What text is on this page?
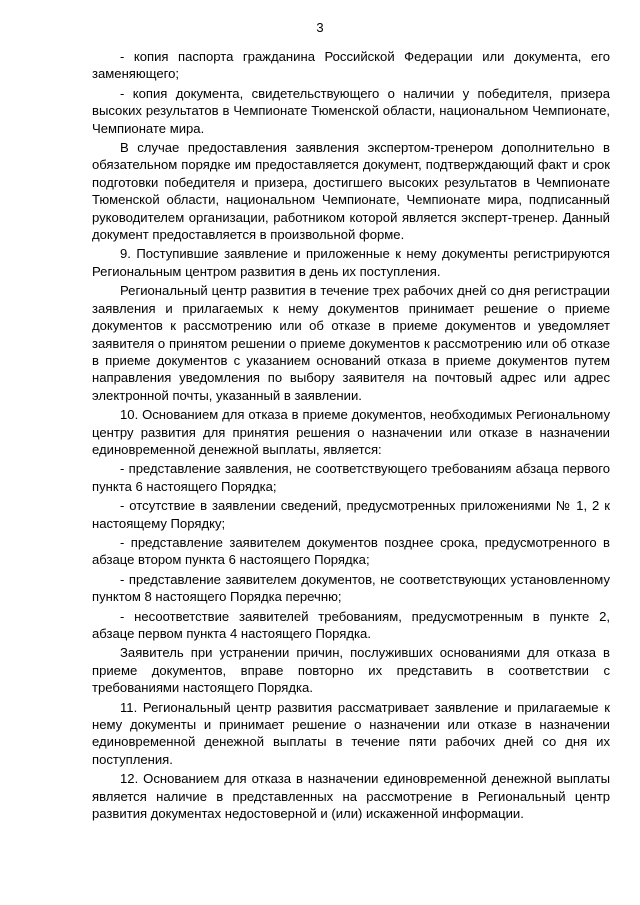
3

- копия паспорта гражданина Российской Федерации или документа, его заменяющего;

- копия документа, свидетельствующего о наличии у победителя, призера высоких результатов в Чемпионате Тюменской области, национальном Чемпионате, Чемпионате мира.

В случае предоставления заявления экспертом-тренером дополнительно в обязательном порядке им предоставляется документ, подтверждающий факт и срок подготовки победителя и призера, достигшего высоких результатов в Чемпионате Тюменской области, национальном Чемпионате, Чемпионате мира, подписанный руководителем организации, работником которой является эксперт-тренер. Данный документ предоставляется в произвольной форме.

9. Поступившие заявление и приложенные к нему документы регистрируются Региональным центром развития в день их поступления.

Региональный центр развития в течение трех рабочих дней со дня регистрации заявления и прилагаемых к нему документов принимает решение о приеме документов к рассмотрению или об отказе в приеме документов и уведомляет заявителя о принятом решении о приеме документов к рассмотрению или об отказе в приеме документов с указанием оснований отказа в приеме документов путем направления уведомления по выбору заявителя на почтовый адрес или адрес электронной почты, указанный в заявлении.

10. Основанием для отказа в приеме документов, необходимых Региональному центру развития для принятия решения о назначении или отказе в назначении единовременной денежной выплаты, является:

- представление заявления, не соответствующего требованиям абзаца первого пункта 6 настоящего Порядка;

- отсутствие в заявлении сведений, предусмотренных приложениями № 1, 2 к настоящему Порядку;

- представление заявителем документов позднее срока, предусмотренного в абзаце втором пункта 6 настоящего Порядка;

- представление заявителем документов, не соответствующих установленному пунктом 8 настоящего Порядка перечню;

- несоответствие заявителей требованиям, предусмотренным в пункте 2, абзаце первом пункта 4 настоящего Порядка.

Заявитель при устранении причин, послуживших основаниями для отказа в приеме документов, вправе повторно их представить в соответствии с требованиями настоящего Порядка.

11. Региональный центр развития рассматривает заявление и прилагаемые к нему документы и принимает решение о назначении или отказе в назначении единовременной денежной выплаты в течение пяти рабочих дней со дня их поступления.

12. Основанием для отказа в назначении единовременной денежной выплаты является наличие в представленных на рассмотрение в Региональный центр развития документах недостоверной и (или) искаженной информации.
